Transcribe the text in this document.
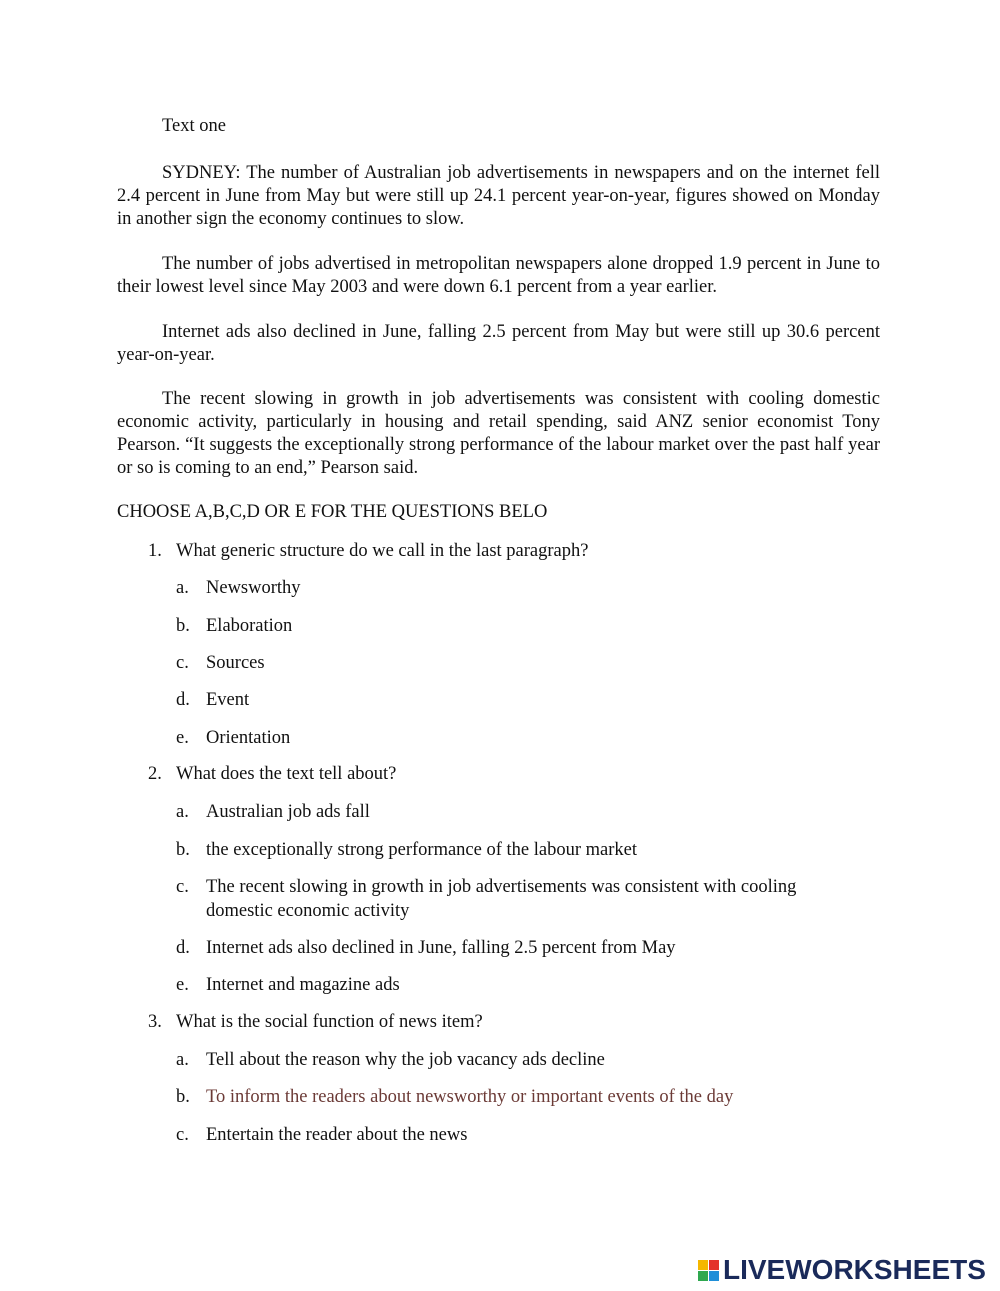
Text one

SYDNEY: The number of Australian job advertisements in newspapers and on the internet fell 2.4 percent in June from May but were still up 24.1 percent year-on-year, figures showed on Monday in another sign the economy continues to slow.

The number of jobs advertised in metropolitan newspapers alone dropped 1.9 percent in June to their lowest level since May 2003 and were down 6.1 percent from a year earlier.

Internet ads also declined in June, falling 2.5 percent from May but were still up 30.6 percent year-on-year.

The recent slowing in growth in job advertisements was consistent with cooling domestic economic activity, particularly in housing and retail spending, said ANZ senior economist Tony Pearson. “It suggests the exceptionally strong performance of the labour market over the past half year or so is coming to an end,” Pearson said.

CHOOSE A,B,C,D OR E FOR THE QUESTIONS BELO

1. What generic structure do we call in the last paragraph?

a. Newsworthy
b. Elaboration
c. Sources
d. Event
e. Orientation

2. What does the text tell about?

a. Australian job ads fall
b. the exceptionally strong performance of the labour market
c. The recent slowing in growth in job advertisements was consistent with cooling domestic economic activity
d. Internet ads also declined in June, falling 2.5 percent from May
e. Internet and magazine ads

3. What is the social function of news item?

a. Tell about the reason why the job vacancy ads decline
b. To inform the readers about newsworthy or important events of the day
c. Entertain the reader about the news
LIVEWORKSHEETS
